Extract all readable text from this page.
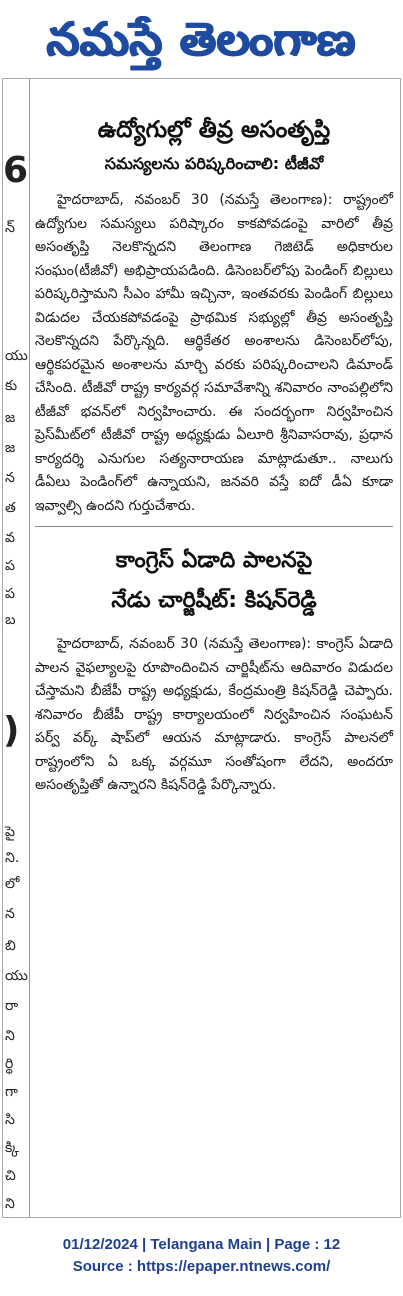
నమస్తే తెలంగాణ
6
న్
యు
కు
జ
జ
న
త
వ
ప
ప
బ
)
పై
ని.
లో
న
బి
యు
రా
ని
ర్థి
గా
సి
క్కి
చి
ని
ఉద్యోగుల్లో తీవ్ర అసంతృప్తి
సమస్యలను పరిష్కరించాలి: టీజీవో

హైదరాబాద్, నవంబర్ 30 (నమస్తే తెలంగాణ): రాష్ట్రంలో ఉద్యోగుల సమస్యలు పరిష్కారం కాకపోవడంపై వారిలో తీవ్ర అసంతృప్తి నెలకొన్నదని తెలంగాణ గెజిటెడ్ అధికారుల సంఘం(టీజీవో) అభిప్రాయపడింది. డిసెంబర్‌లోపు పెండింగ్ బిల్లులు పరిష్కరిస్తామని సీఎం హామీ ఇచ్చినా, ఇంతవరకు పెండింగ్ బిల్లులు విడుదల చేయకపోవడంపై ప్రాథమిక సభ్యుల్లో తీవ్ర అసంతృప్తి నెలకొన్నదని పేర్కొన్నది. ఆర్థికేతర అంశాలను డిసెంబర్‌లోపు, ఆర్థికపరమైన అంశాలను మార్చి వరకు పరిష్కరించాలని డిమాండ్ చేసింది. టీజీవో రాష్ట్ర కార్యవర్గ సమావేశాన్ని శనివారం నాంపల్లిలోని టీజీవో భవన్‌లో నిర్వహించారు. ఈ సందర్భంగా నిర్వహించిన ప్రెస్‌మీట్‌లో టీజీవో రాష్ట్ర అధ్యక్షుడు ఏలూరి శ్రీనివాసరావు, ప్రధాన కార్యదర్శి ఎనుగుల సత్యనారాయణ మాట్లాడుతూ.. నాలుగు డీఏలు పెండింగ్‌లో ఉన్నాయని, జనవరి వస్తే ఐదో డీఏ కూడా ఇవ్వాల్సి ఉందని గుర్తుచేశారు.

కాంగ్రెస్ ఏడాది పాలనపై
నేడు చార్జిషీట్: కిషన్‌రెడ్డి

హైదరాబాద్, నవంబర్ 30 (నమస్తే తెలంగాణ): కాంగ్రెస్ ఏడాది పాలన వైఫల్యాలపై రూపొందించిన చార్జిషీట్‌ను ఆదివారం విడుదల చేస్తామని బీజేపీ రాష్ట్ర అధ్యక్షుడు, కేంద్రమంత్రి కిషన్‌రెడ్డి చెప్పారు. శనివారం బీజేపీ రాష్ట్ర కార్యాలయంలో నిర్వహించిన సంఘటన్ పర్వ్ వర్క్ షాప్‌లో ఆయన మాట్లాడారు. కాంగ్రెస్ పాలనలో రాష్ట్రంలోని ఏ ఒక్క వర్గమూ సంతోషంగా లేదని, అందరూ అసంతృప్తితో ఉన్నారని కిషన్‌రెడ్డి పేర్కొన్నారు.

01/12/2024 | Telangana Main | Page : 12
Source : https://epaper.ntnews.com/
